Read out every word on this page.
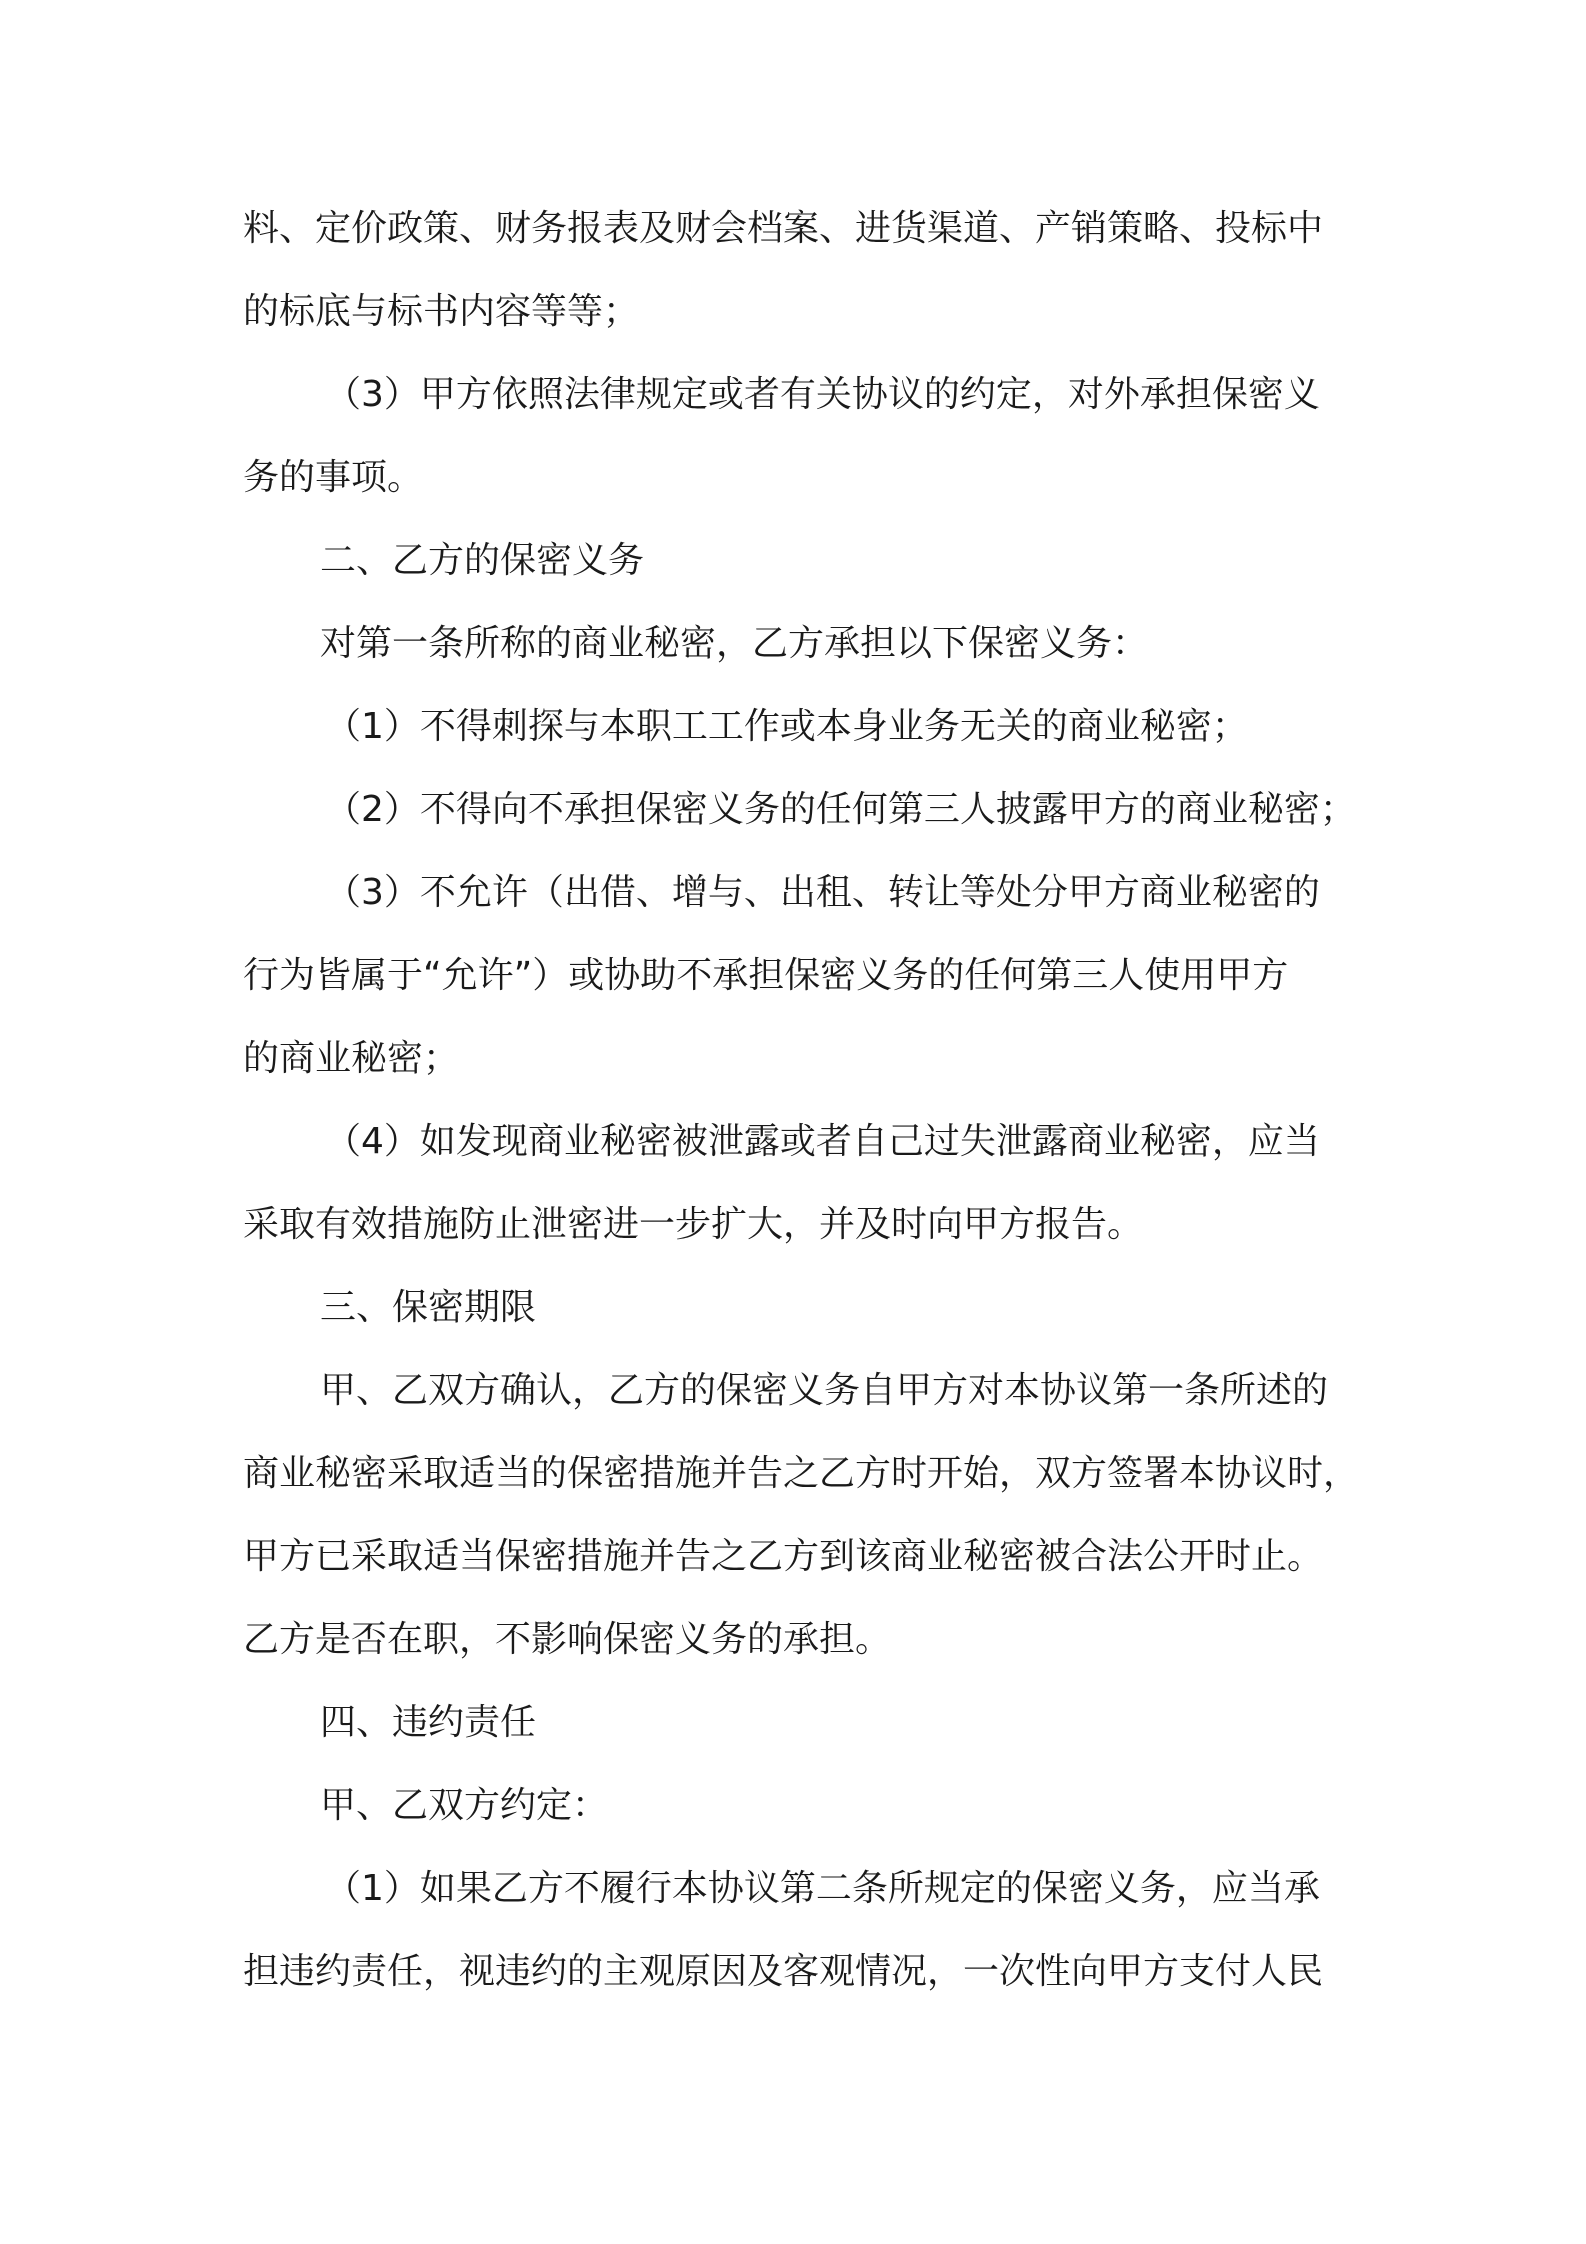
料、定价政策、财务报表及财会档案、进货渠道、产销策略、投标中
的标底与标书内容等等；
（3）甲方依照法律规定或者有关协议的约定，对外承担保密义
务的事项。
二、乙方的保密义务
对第一条所称的商业秘密，乙方承担以下保密义务：
（1）不得刺探与本职工工作或本身业务无关的商业秘密；
（2）不得向不承担保密义务的任何第三人披露甲方的商业秘密；
（3）不允许（出借、增与、出租、转让等处分甲方商业秘密的
行为皆属于“允许”）或协助不承担保密义务的任何第三人使用甲方
的商业秘密；
（4）如发现商业秘密被泄露或者自己过失泄露商业秘密，应当
采取有效措施防止泄密进一步扩大，并及时向甲方报告。
三、保密期限
甲、乙双方确认，乙方的保密义务自甲方对本协议第一条所述的
商业秘密采取适当的保密措施并告之乙方时开始，双方签署本协议时，
甲方已采取适当保密措施并告之乙方到该商业秘密被合法公开时止。
乙方是否在职，不影响保密义务的承担。
四、违约责任
甲、乙双方约定：
（1）如果乙方不履行本协议第二条所规定的保密义务，应当承
担违约责任，视违约的主观原因及客观情况，一次性向甲方支付人民
